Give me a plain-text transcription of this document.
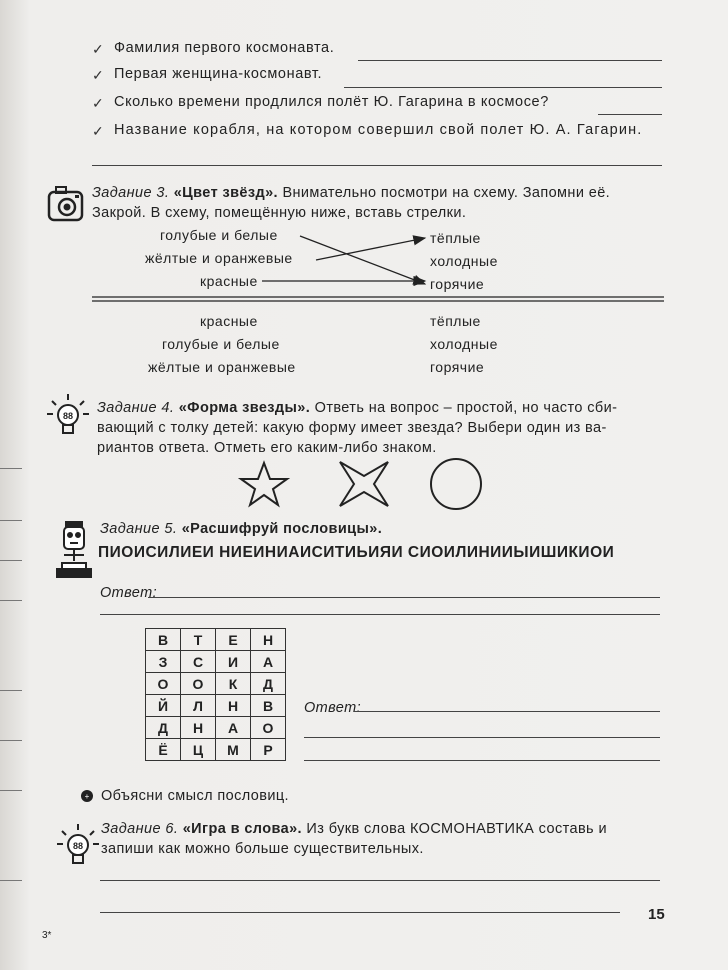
✓ Фамилия первого космонавта.
✓ Первая женщина-космонавт.
✓ Сколько времени продлился полёт Ю. Гагарина в космосе?
✓ Название корабля, на котором совершил свой полет Ю. А. Гагарин.
Задание 3. «Цвет звёзд». Внимательно посмотри на схему. Запомни её.
Закрой. В схему, помещённую ниже, вставь стрелки.
голубые и белые
жёлтые и оранжевые
красные
тёплые
холодные
горячие
красные
голубые и белые
жёлтые и оранжевые
тёплые
холодные
горячие
88 Задание 4. «Форма звезды». Ответь на вопрос – простой, но часто сби-
вающий с толку детей: какую форму имеет звезда? Выбери один из ва-
риантов ответа. Отметь его каким-либо знаком.
Задание 5. «Расшифруй пословицы».
ПИОИСИЛИЕИ НИЕИНИАИСИТИЬИЯИ СИОИЛИНИИЫИШИКИОИ
Ответ:
В	Т	Е	Н
З	С	И	А
О	О	К	Д
Й	Л	Н	В
Д	Н	А	О
Ё	Ц	М	Р
Ответ:
+ Объясни смысл пословиц.
88
Задание 6. «Игра в слова». Из букв слова КОСМОНАВТИКА составь и
запиши как можно больше существительных.
15
3*
